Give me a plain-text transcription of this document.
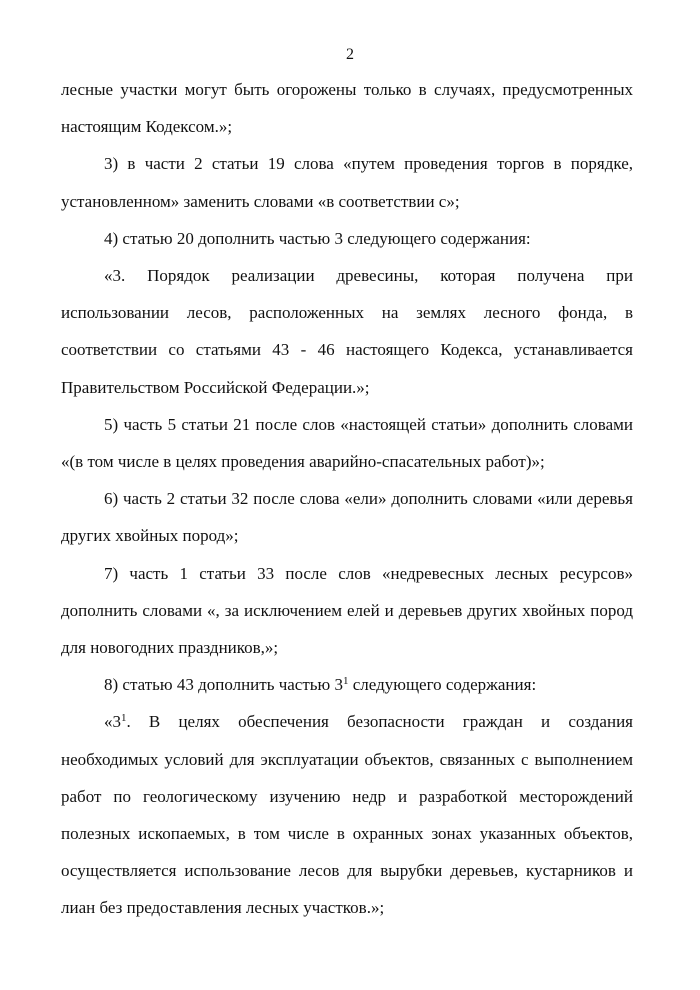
2

лесные участки могут быть огорожены только в случаях, предусмотренных настоящим Кодексом.»;

3) в части 2 статьи 19 слова «путем проведения торгов в порядке, установленном» заменить словами «в соответствии с»;

4) статью 20 дополнить частью 3 следующего содержания:

«3. Порядок реализации древесины, которая получена при использовании лесов, расположенных на землях лесного фонда, в соответствии со статьями 43 - 46 настоящего Кодекса, устанавливается Правительством Российской Федерации.»;

5) часть 5 статьи 21 после слов «настоящей статьи» дополнить словами «(в том числе в целях проведения аварийно-спасательных работ)»;

6) часть 2 статьи 32 после слова «ели» дополнить словами «или деревья других хвойных пород»;

7) часть 1 статьи 33 после слов «недревесных лесных ресурсов» дополнить словами «, за исключением елей и деревьев других хвойных пород для новогодних праздников,»;

8) статью 43 дополнить частью $3^1$ следующего содержания:

«$3^1$. В целях обеспечения безопасности граждан и создания необходимых условий для эксплуатации объектов, связанных с выполнением работ по геологическому изучению недр и разработкой месторождений полезных ископаемых, в том числе в охранных зонах указанных объектов, осуществляется использование лесов для вырубки деревьев, кустарников и лиан без предоставления лесных участков.»;
